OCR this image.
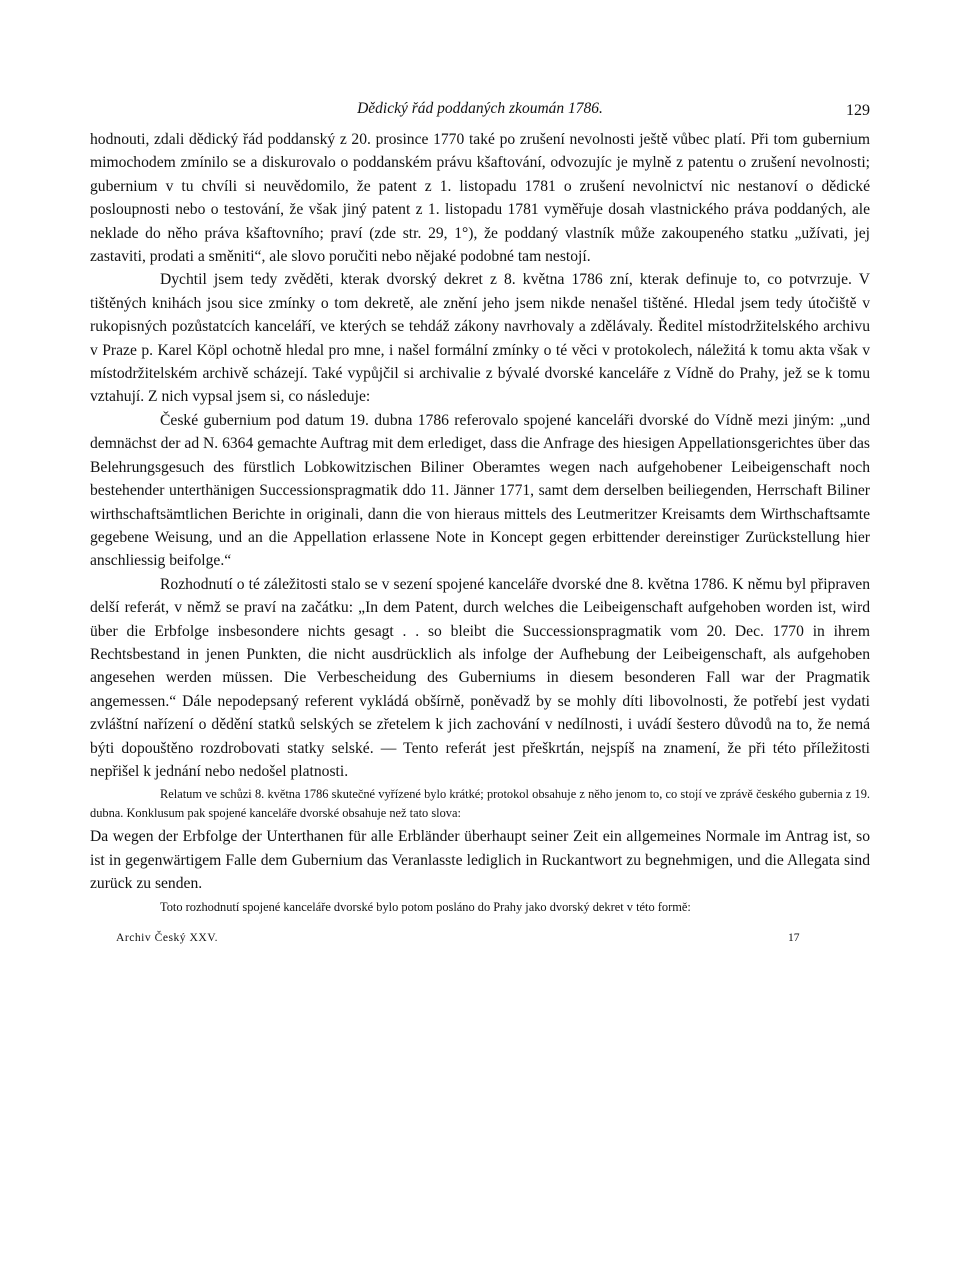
Dědický řád poddaných zkoumán 1786.	129

hodnouti, zdali dědický řád poddanský z 20. prosince 1770 také po zrušení nevolnosti ještě vůbec platí. Při tom gubernium mimochodem zmínilo se a diskurovalo o poddanském právu kšaftování, odvozujíc je mylně z patentu o zrušení nevolnosti; gubernium v tu chvíli si neuvědomilo, že patent z 1. listopadu 1781 o zrušení nevolnictví nic nestanoví o dědické posloupnosti nebo o testování, že však jiný patent z 1. listopadu 1781 vyměřuje dosah vlastnického práva poddaných, ale neklade do něho práva kšaftovního; praví (zde str. 29, 1°), že poddaný vlastník může zakoupeného statku „užívati, jej zastaviti, prodati a směniti“, ale slovo poručiti nebo nějaké podobné tam nestojí.

Dychtil jsem tedy zvěděti, kterak dvorský dekret z 8. května 1786 zní, kterak definuje to, co potvrzuje. V tištěných knihách jsou sice zmínky o tom dekretě, ale znění jeho jsem nikde nenašel tištěné. Hledal jsem tedy útočiště v rukopisných pozůstatcích kanceláří, ve kterých se tehdáž zákony navrhovaly a zdělávaly. Ředitel místodržitelského archivu v Praze p. Karel Köpl ochotně hledal pro mne, i našel formální zmínky o té věci v protokolech, náležitá k tomu akta však v místodržitelském archivě scházejí. Také vypůjčil si archivalie z bývalé dvorské kanceláře z Vídně do Prahy, jež se k tomu vztahují. Z nich vypsal jsem si, co následuje:

České gubernium pod datum 19. dubna 1786 referovalo spojené kanceláři dvorské do Vídně mezi jiným: „und demnächst der ad N. 6364 gemachte Auftrag mit dem erlediget, dass die Anfrage des hiesigen Appellationsgerichtes über das Belehrungsgesuch des fürstlich Lobkowitzischen Biliner Oberamtes wegen nach aufgehobener Leibeigenschaft noch bestehender unterthänigen Successionspragmatik ddo 11. Jänner 1771, samt dem derselben beiliegenden, Herrschaft Biliner wirthschaftsämtlichen Berichte in originali, dann die von hieraus mittels des Leutmeritzer Kreisamts dem Wirthschaftsamte gegebene Weisung, und an die Appellation erlassene Note in Koncept gegen erbittender dereinstiger Zurückstellung hier anschliessig beifolge.“

Rozhodnutí o té záležitosti stalo se v sezení spojené kanceláře dvorské dne 8. května 1786. K němu byl připraven delší referát, v němž se praví na začátku: „In dem Patent, durch welches die Leibeigenschaft aufgehoben worden ist, wird über die Erbfolge insbesondere nichts gesagt . . so bleibt die Successionspragmatik vom 20. Dec. 1770 in ihrem Rechtsbestand in jenen Punkten, die nicht ausdrücklich als infolge der Aufhebung der Leibeigenschaft, als aufgehoben angesehen werden müssen. Die Verbescheidung des Guberniums in diesem besonderen Fall war der Pragmatik angemessen.“ Dále nepodepsaný referent vykládá obšírně, poněvadž by se mohly díti libovolnosti, že potřebí jest vydati zvláštní nařízení o dědění statků selských se zřetelem k jich zachování v nedílnosti, i uvádí šestero důvodů na to, že nemá býti dopouštěno rozdrobovati statky selské. — Tento referát jest přeškrtán, nejspíš na znamení, že při této příležitosti nepřišel k jednání nebo nedošel platnosti.

Relatum ve schůzi 8. května 1786 skutečné vyřízené bylo krátké; protokol obsahuje z něho jenom to, co stojí ve zprávě českého gubernia z 19. dubna. Konklusum pak spojené kanceláře dvorské obsahuje než tato slova:

Da wegen der Erbfolge der Unterthanen für alle Erbländer überhaupt seiner Zeit ein allgemeines Normale im Antrag ist, so ist in gegenwärtigem Falle dem Gubernium das Veranlasste lediglich in Ruckantwort zu begnehmigen, und die Allegata sind zurück zu senden.

Toto rozhodnutí spojené kanceláře dvorské bylo potom posláno do Prahy jako dvorský dekret v této formě:

Archiv Český XXV.	17
